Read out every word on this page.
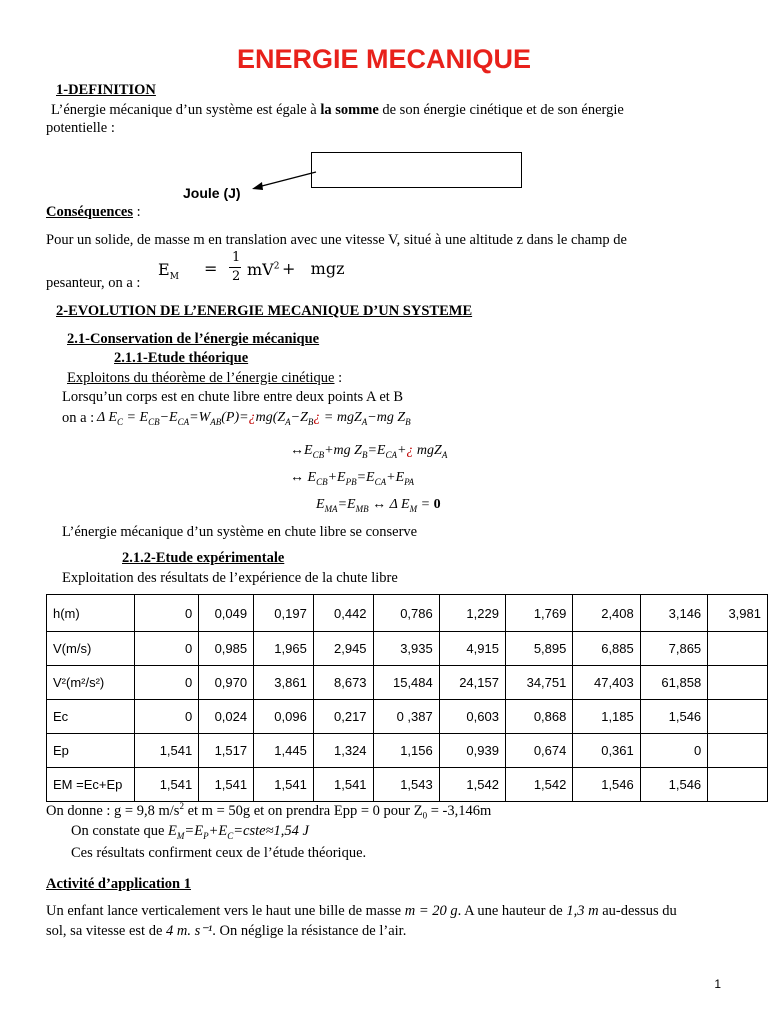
ENERGIE MECANIQUE
1-DEFINITION
L’énergie mécanique d’un système est égale à la somme de son énergie cinétique et de son énergie
potentielle :
Joule (J)
Conséquences :
Pour un solide, de masse m en translation avec une vitesse V, situé à une altitude z dans le champ de
pesanteur, on a :
$E_M$ =
1
2 $mV^2$ +   mgz
2-EVOLUTION DE L’ENERGIE MECANIQUE D’UN SYSTEME
2.1-Conservation de l’énergie mécanique
2.1.1-Etude théorique
Exploitons du théorème de l’énergie cinétique :
Lorsqu’un corps est en chute libre entre deux points A et B
on a : Δ $E_C$ = $E_{CB}-E_{CA}=W_{AB}(P)=¿mg(Z_A-Z_B¿ = mgZ_A-mg$ $Z_B$
$\leftrightarrow E_{CB}+mg$ $Z_B=E_{CA}+¿$ mgZ$_A$
↔ $E_{CB}+E_{PB}=E_{CA}+E_{PA}$
$E_{MA}=E_{MB}$ ↔ Δ $E_M = 0$
L’énergie mécanique d’un système en chute libre se conserve
2.1.2-Etude expérimentale
Exploitation des résultats de l’expérience de la chute libre
h(m)	0	0,049	0,197	0,442	0,786	1,229	1,769	2,408	3,146	3,981
V(m/s)	0	0,985	1,965	2,945	3,935	4,915	5,895	6,885	7,865	
V²(m²/s²)	0	0,970	3,861	8,673	15,484	24,157	34,751	47,403	61,858	
Ec	0	0,024	0,096	0,217	0 ,387	0,603	0,868	1,185	1,546	
Ep	1,541	1,517	1,445	1,324	1,156	0,939	0,674	0,361	0	
EM =Ec+Ep	1,541	1,541	1,541	1,541	1,543	1,542	1,542	1,546	1,546	
On donne : g = 9,8 $m/s^2$ et m = 50g et on prendra Epp = 0 pour $Z_0 = -3,146m$
On constate que $E_M=E_P+E_C=cste\approx 1,54$ J
Ces résultats confirment ceux de l’étude théorique.
Activité d’application 1
Un enfant lance verticalement vers le haut une bille de masse m = 20 g. A une hauteur de 1,3 m au-dessus du
sol, sa vitesse est de 4 m. s⁻¹. On néglige la résistance de l’air.
1
